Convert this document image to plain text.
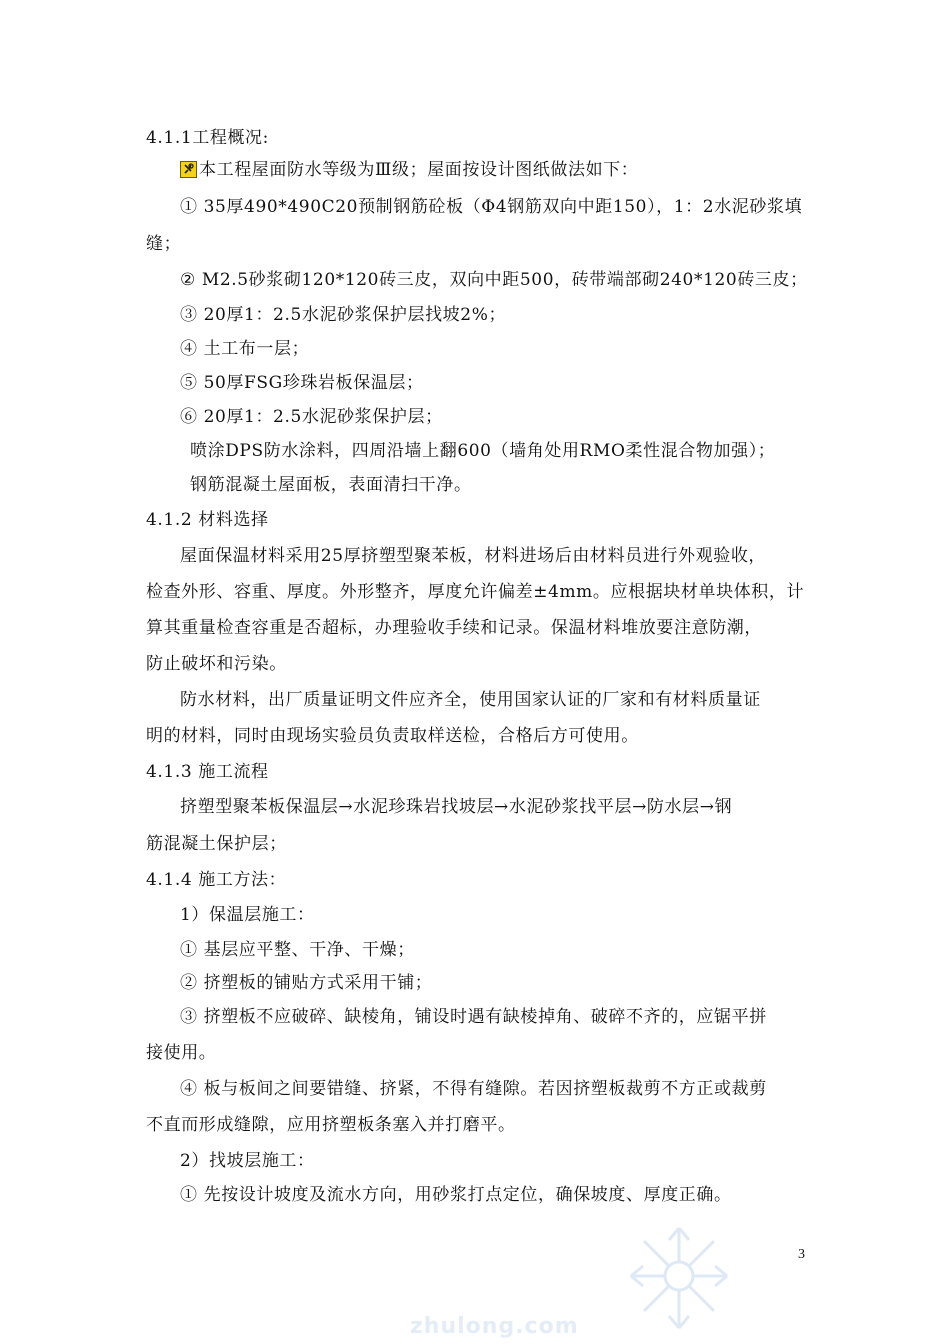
4.1.1工程概况:
本工程屋面防水等级为Ⅲ级；屋面按设计图纸做法如下：
① 35厚490*490C20预制钢筋砼板（Φ4钢筋双向中距150），1：2水泥砂浆填
缝；
② M2.5砂浆砌120*120砖三皮，双向中距500，砖带端部砌240*120砖三皮；
③ 20厚1：2.5水泥砂浆保护层找坡2%；
④ 土工布一层；
⑤ 50厚FSG珍珠岩板保温层；
⑥ 20厚1：2.5水泥砂浆保护层；
喷涂DPS防水涂料，四周沿墙上翻600（墙角处用RMO柔性混合物加强）；
钢筋混凝土屋面板，表面清扫干净。
4.1.2 材料选择
屋面保温材料采用25厚挤塑型聚苯板，材料进场后由材料员进行外观验收，
检查外形、容重、厚度。外形整齐，厚度允许偏差±4mm。应根据块材单块体积，计
算其重量检查容重是否超标，办理验收手续和记录。保温材料堆放要注意防潮，
防止破坏和污染。
防水材料，出厂质量证明文件应齐全，使用国家认证的厂家和有材料质量证
明的材料，同时由现场实验员负责取样送检，合格后方可使用。
4.1.3 施工流程
挤塑型聚苯板保温层→水泥珍珠岩找坡层→水泥砂浆找平层→防水层→钢
筋混凝土保护层；
4.1.4 施工方法：
1）保温层施工：
① 基层应平整、干净、干燥；
② 挤塑板的铺贴方式采用干铺；
③ 挤塑板不应破碎、缺棱角，铺设时遇有缺棱掉角、破碎不齐的，应锯平拼
接使用。
④ 板与板间之间要错缝、挤紧，不得有缝隙。若因挤塑板裁剪不方正或裁剪
不直而形成缝隙，应用挤塑板条塞入并打磨平。
2）找坡层施工：
① 先按设计坡度及流水方向，用砂浆打点定位，确保坡度、厚度正确。
3
zhulong.com
